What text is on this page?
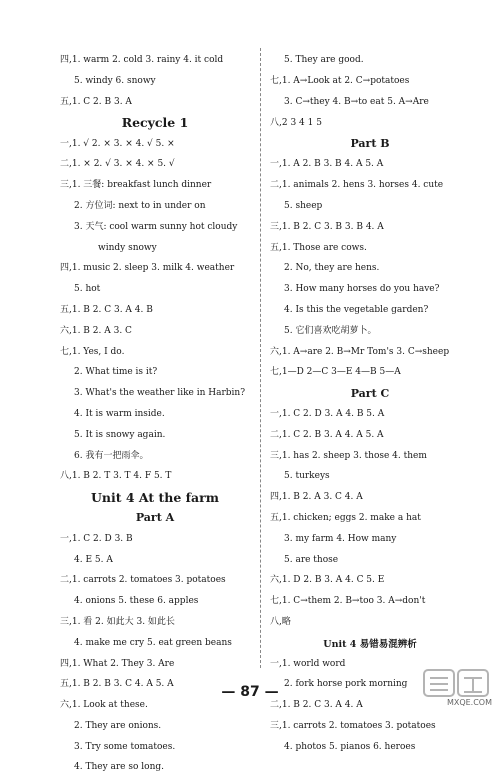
四,1. warm 2. cold 3. rainy 4. it cold
5. windy 6. snowy
五,1. C 2. B 3. A
Recycle 1
一,1. √ 2. × 3. × 4. √ 5. ×
二,1. × 2. √ 3. × 4. × 5. √
三,1. 三餐: breakfast lunch dinner
2. 方位词: next to in under on
3. 天气: cool warm sunny hot cloudy
windy snowy
四,1. music 2. sleep 3. milk 4. weather
5. hot
五,1. B 2. C 3. A 4. B
六,1. B 2. A 3. C
七,1. Yes, I do.
2. What time is it?
3. What's the weather like in Harbin?
4. It is warm inside.
5. It is snowy again.
6. 我有一把雨伞。
八,1. B 2. T 3. T 4. F 5. T
Unit 4 At the farm
Part A
一,1. C 2. D 3. B
4. E 5. A
二,1. carrots 2. tomatoes 3. potatoes
4. onions 5. these 6. apples
三,1. 看 2. 如此大 3. 如此长
4. make me cry 5. eat green beans
四,1. What 2. They 3. Are
五,1. B 2. B 3. C 4. A 5. A
六,1. Look at these.
2. They are onions.
3. Try some tomatoes.
4. They are so long.
5. They are good.
七,1. A→Look at 2. C→potatoes
3. C→they 4. B→to eat 5. A→Are
八,2 3 4 1 5
Part B
一,1. A 2. B 3. B 4. A 5. A
二,1. animals 2. hens 3. horses 4. cute
5. sheep
三,1. B 2. C 3. B 3. B 4. A
五,1. Those are cows.
2. No, they are hens.
3. How many horses do you have?
4. Is this the vegetable garden?
5. 它们喜欢吃胡萝卜。
六,1. A→are 2. B→Mr Tom's 3. C→sheep
七,1—D 2—C 3—E 4—B 5—A
Part C
一,1. C 2. D 3. A 4. B 5. A
二,1. C 2. B 3. A 4. A 5. A
三,1. has 2. sheep 3. those 4. them
5. turkeys
四,1. B 2. A 3. C 4. A
五,1. chicken; eggs 2. make a hat
3. my farm 4. How many
5. are those
六,1. D 2. B 3. A 4. C 5. E
七,1. C→them 2. B→too 3. A→don't
八,略
Unit 4 易错易混辨析
一,1. world word
2. fork horse pork morning
二,1. B 2. C 3. A 4. A
三,1. carrots 2. tomatoes 3. potatoes
4. photos 5. pianos 6. heroes
— 87 —
MXQE.COM
